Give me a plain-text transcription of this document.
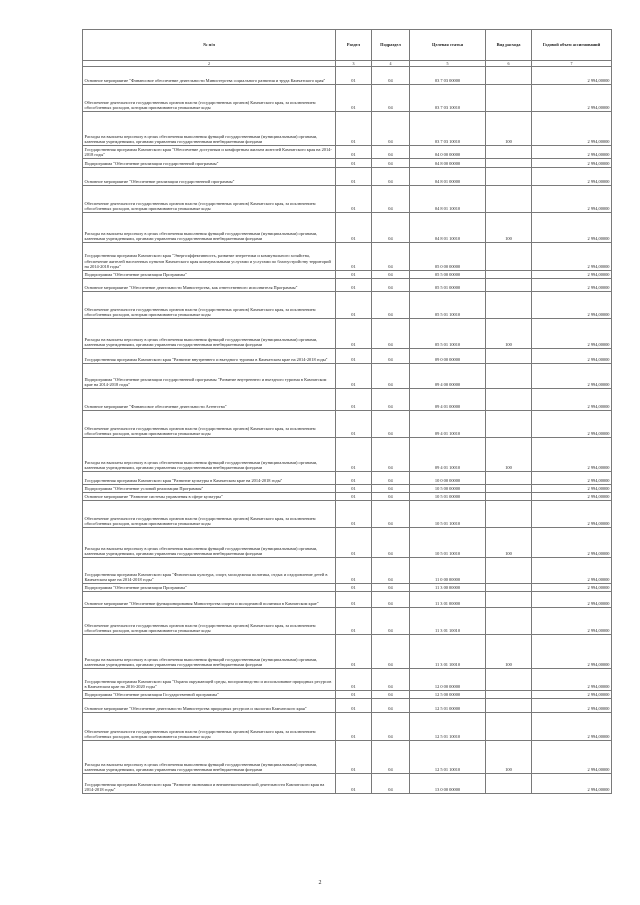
№ п/п	Раздел	Подраздел	Целевая статья	Вид расхода	Годовой объем ассигнований
2	3	4	5	6	7
Основное мероприятие "Финансовое обеспечение деятельности Министерства социального развития и труда Камчатского края"	01	04	03 7 03 00000		2 994,00000
Обеспечение деятельности государственных органов власти (государственных органов) Камчатского края, за исключением обособленных расходов, которым присваиваются уникальные коды	01	04	03 7 03 10010		2 994,00000
Расходы на выплаты персоналу в целях обеспечения выполнения функций государственными (муниципальными) органами, казенными учреждениями, органами управления государственными внебюджетными фондами	01	04	03 7 03 10010	100	2 994,00000
Государственная программа Камчатского края "Обеспечение доступным и комфортным жильем жителей Камчатского края на 2014-2018 годы"	01	04	04 0 00 00000		2 994,00000
Подпрограмма "Обеспечение реализации государственной программы"	01	04	04 8 00 00000		2 994,00000
Основное мероприятие "Обеспечение реализации государственной программы"	01	04	04 8 01 00000		2 994,00000
Обеспечение деятельности государственных органов власти (государственных органов) Камчатского края, за исключением обособленных расходов, которым присваиваются уникальные коды	01	04	04 8 01 10010		2 994,00000
Расходы на выплаты персоналу в целях обеспечения выполнения функций государственными (муниципальными) органами, казенными учреждениями, органами управления государственными внебюджетными фондами	01	04	04 8 01 10010	100	2 994,00000
Государственная программа Камчатского края "Энергоэффективность, развитие энергетики и коммунального хозяйства, обеспечение жителей населенных пунктов Камчатского края коммунальными услугами и услугами по благоустройству территорий на 2014-2018 годы"	01	04	05 0 00 00000		2 994,00000
Подпрограмма "Обеспечение реализации Программы"	01	04	05 5 00 00000		2 994,00000
Основное мероприятие "Обеспечение деятельности Министерства, как ответственного исполнителя Программы"	01	04	05 5 01 00000		2 994,00000
Обеспечение деятельности государственных органов власти (государственных органов) Камчатского края, за исключением обособленных расходов, которым присваиваются уникальные коды	01	04	05 5 01 10010		2 994,00000
Расходы на выплаты персоналу в целях обеспечения выполнения функций государственными (муниципальными) органами, казенными учреждениями, органами управления государственными внебюджетными фондами	01	04	05 5 01 10010	100	2 994,00000
Государственная программа Камчатского края "Развитие внутреннего и въездного туризма в Камчатском крае на 2014-2018 годы"	01	04	09 0 00 00000		2 994,00000
Подпрограмма "Обеспечение реализации государственной программы "Развитие внутреннего и въездного туризма в Камчатском крае на 2014-2018 годы"	01	04	09 4 00 00000		2 994,00000
Основное мероприятие "Финансовое обеспечение деятельности Агентства"	01	04	09 4 01 00000		2 994,00000
Обеспечение деятельности государственных органов власти (государственных органов) Камчатского края, за исключением обособленных расходов, которым присваиваются уникальные коды	01	04	09 4 01 10010		2 994,00000
Расходы на выплаты персоналу в целях обеспечения выполнения функций государственными (муниципальными) органами, казенными учреждениями, органами управления государственными внебюджетными фондами	01	04	09 4 01 10010	100	2 994,00000
Государственная программа Камчатского края "Развитие культуры в Камчатском крае на 2014-2018 годы"	01	04	10 0 00 00000		2 994,00000
Подпрограмма "Обеспечение условий реализации Программы"	01	04	10 5 00 00000		2 994,00000
Основное мероприятие "Развитие системы управления в сфере культуры"	01	04	10 5 01 00000		2 994,00000
Обеспечение деятельности государственных органов власти (государственных органов) Камчатского края, за исключением обособленных расходов, которым присваиваются уникальные коды	01	04	10 5 01 10010		2 994,00000
Расходы на выплаты персоналу в целях обеспечения выполнения функций государственными (муниципальными) органами, казенными учреждениями, органами управления государственными внебюджетными фондами	01	04	10 5 01 10010	100	2 994,00000
Государственная программа Камчатского края "Физическая культура, спорт, молодежная политика, отдых и оздоровление детей в Камчатском крае на 2014-2018 годы"	01	04	11 0 00 00000		2 994,00000
Подпрограмма "Обеспечение реализации Программы"	01	04	11 3 00 00000		2 994,00000
Основное мероприятие "Обеспечение функционирования Министерства спорта и молодежной политики в Камчатском крае"	01	04	11 3 01 00000		2 994,00000
Обеспечение деятельности государственных органов власти (государственных органов) Камчатского края, за исключением обособленных расходов, которым присваиваются уникальные коды	01	04	11 3 01 10010		2 994,00000
Расходы на выплаты персоналу в целях обеспечения выполнения функций государственными (муниципальными) органами, казенными учреждениями, органами управления государственными внебюджетными фондами	01	04	11 3 01 10010	100	2 994,00000
Государственная программа Камчатского края "Охрана окружающей среды, воспроизводство и использование природных ресурсов в Камчатском крае на 2016-2020 годы"	01	04	12 0 00 00000		2 994,00000
Подпрограмма "Обеспечение реализации Государственной программы"	01	04	12 5 00 00000		2 994,00000
Основное мероприятие "Обеспечение деятельности Министерства природных ресурсов и экологии Камчатского края"	01	04	12 5 01 00000		2 994,00000
Обеспечение деятельности государственных органов власти (государственных органов) Камчатского края, за исключением обособленных расходов, которым присваиваются уникальные коды	01	04	12 5 01 10010		2 994,00000
Расходы на выплаты персоналу в целях обеспечения выполнения функций государственными (муниципальными) органами, казенными учреждениями, органами управления государственными внебюджетными фондами	01	04	12 5 01 10010	100	2 994,00000
Государственная программа Камчатского края "Развитие экономики и внешнеэкономической деятельности Камчатского края на 2014-2018 годы"	01	04	13 0 00 00000		2 994,00000
2
